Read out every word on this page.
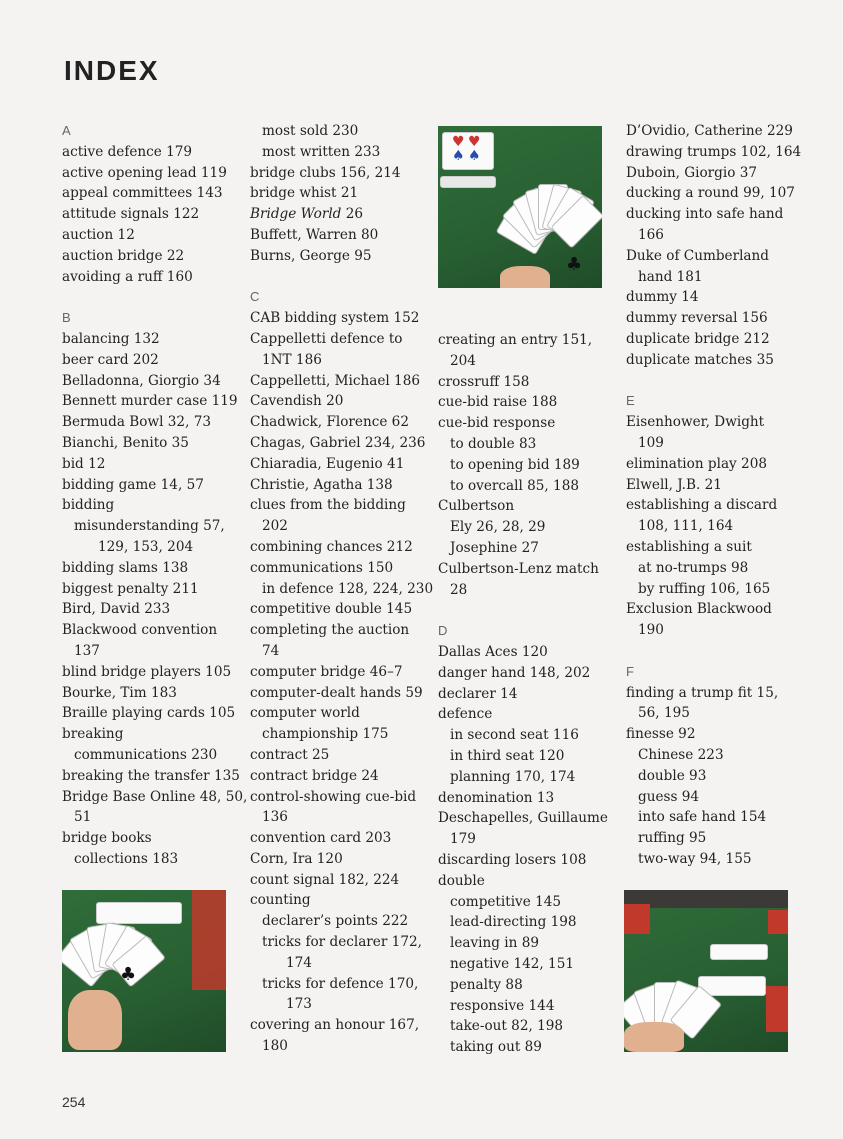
INDEX
A
active defence 179
active opening lead 119
appeal committees 143
attitude signals 122
auction 12
auction bridge 22
avoiding a ruff 160
B
balancing 132
beer card 202
Belladonna, Giorgio 34
Bennett murder case 119
Bermuda Bowl 32, 73
Bianchi, Benito 35
bid 12
bidding game 14, 57
bidding
misunderstanding 57,
129, 153, 204
bidding slams 138
biggest penalty 211
Bird, David 233
Blackwood convention
137
blind bridge players 105
Bourke, Tim 183
Braille playing cards 105
breaking
communications 230
breaking the transfer 135
Bridge Base Online 48, 50,
51
bridge books
collections 183
most sold 230
most written 233
bridge clubs 156, 214
bridge whist 21
Bridge World 26
Buffett, Warren 80
Burns, George 95
C
CAB bidding system 152
Cappelletti defence to
1NT 186
Cappelletti, Michael 186
Cavendish 20
Chadwick, Florence 62
Chagas, Gabriel 234, 236
Chiaradia, Eugenio 41
Christie, Agatha 138
clues from the bidding
202
combining chances 212
communications 150
in defence 128, 224, 230
competitive double 145
completing the auction
74
computer bridge 46–7
computer-dealt hands 59
computer world
championship 175
contract 25
contract bridge 24
control-showing cue-bid
136
convention card 203
Corn, Ira 120
count signal 182, 224
counting
declarer’s points 222
tricks for declarer 172,
174
tricks for defence 170,
173
covering an honour 167,
180
creating an entry 151,
204
crossruff 158
cue-bid raise 188
cue-bid response
to double 83
to opening bid 189
to overcall 85, 188
Culbertson
Ely 26, 28, 29
Josephine 27
Culbertson-Lenz match
28
D
Dallas Aces 120
danger hand 148, 202
declarer 14
defence
in second seat 116
in third seat 120
planning 170, 174
denomination 13
Deschapelles, Guillaume
179
discarding losers 108
double
competitive 145
lead-directing 198
leaving in 89
negative 142, 151
penalty 88
responsive 144
take-out 82, 198
taking out 89
D’Ovidio, Catherine 229
drawing trumps 102, 164
Duboin, Giorgio 37
ducking a round 99, 107
ducking into safe hand
166
Duke of Cumberland
hand 181
dummy 14
dummy reversal 156
duplicate bridge 212
duplicate matches 35
E
Eisenhower, Dwight
109
elimination play 208
Elwell, J.B. 21
establishing a discard
108, 111, 164
establishing a suit
at no-trumps 98
by ruffing 106, 165
Exclusion Blackwood
190
F
finding a trump fit 15,
56, 195
finesse 92
Chinese 223
double 93
guess 94
into safe hand 154
ruffing 95
two-way 94, 155
♥ ♥
♠ ♠
♣
♣
254
